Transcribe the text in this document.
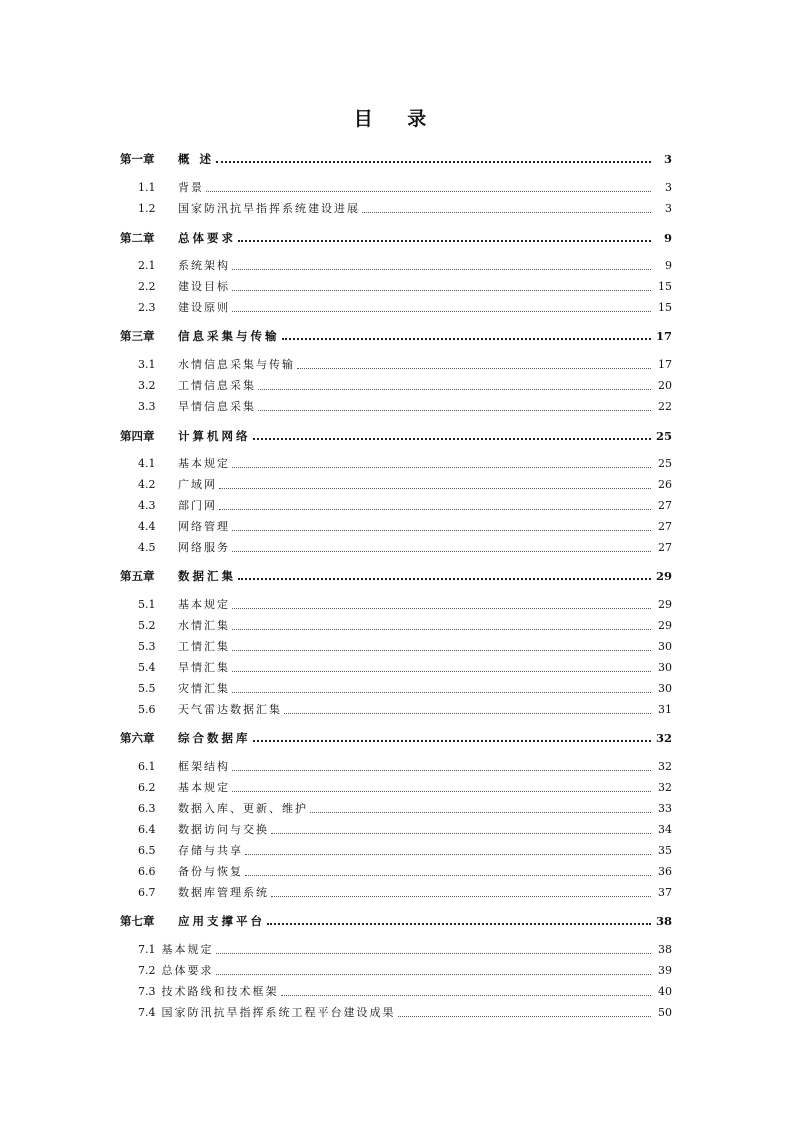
目 录
第一章	概 述	3
1.1	背景	3
1.2	国家防汛抗旱指挥系统建设进展	3
第二章	总体要求	9
2.1	系统架构	9
2.2	建设目标	15
2.3	建设原则	15
第三章	信息采集与传输	17
3.1	水情信息采集与传输	17
3.2	工情信息采集	20
3.3	旱情信息采集	22
第四章	计算机网络	25
4.1	基本规定	25
4.2	广域网	26
4.3	部门网	27
4.4	网络管理	27
4.5	网络服务	27
第五章	数据汇集	29
5.1	基本规定	29
5.2	水情汇集	29
5.3	工情汇集	30
5.4	旱情汇集	30
5.5	灾情汇集	30
5.6	天气雷达数据汇集	31
第六章	综合数据库	32
6.1	框架结构	32
6.2	基本规定	32
6.3	数据入库、更新、维护	33
6.4	数据访问与交换	34
6.5	存储与共享	35
6.6	备份与恢复	36
6.7	数据库管理系统	37
第七章	应用支撑平台	38
7.1 基本规定	38
7.2 总体要求	39
7.3 技术路线和技术框架	40
7.4 国家防汛抗旱指挥系统工程平台建设成果	50
